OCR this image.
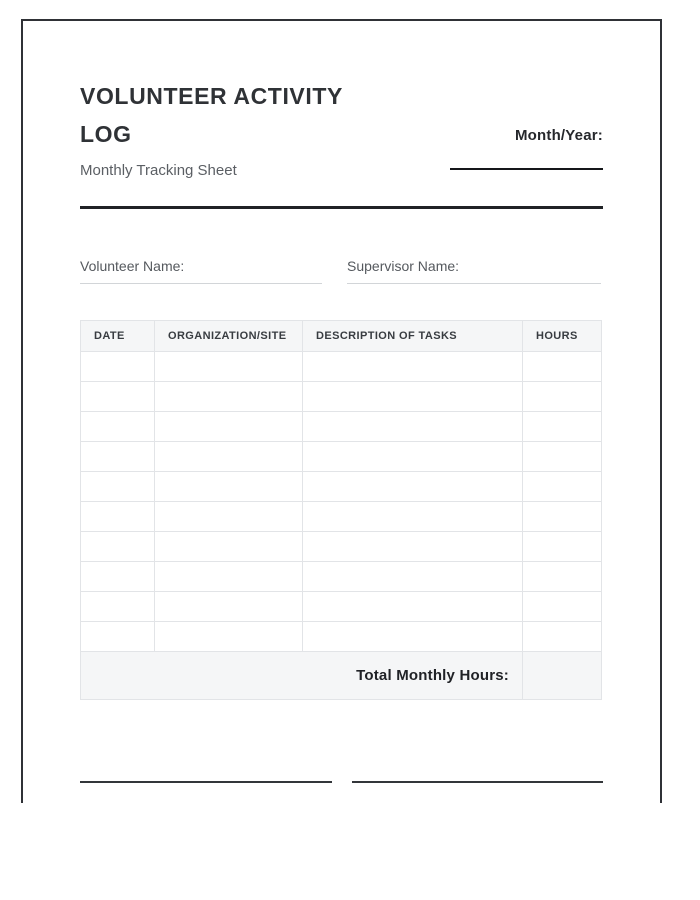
VOLUNTEER ACTIVITY LOG
Monthly Tracking Sheet
Month/Year:
Volunteer Name:	Supervisor Name:
DATE	ORGANIZATION/SITE	DESCRIPTION OF TASKS	HOURS

Total Monthly Hours:			
